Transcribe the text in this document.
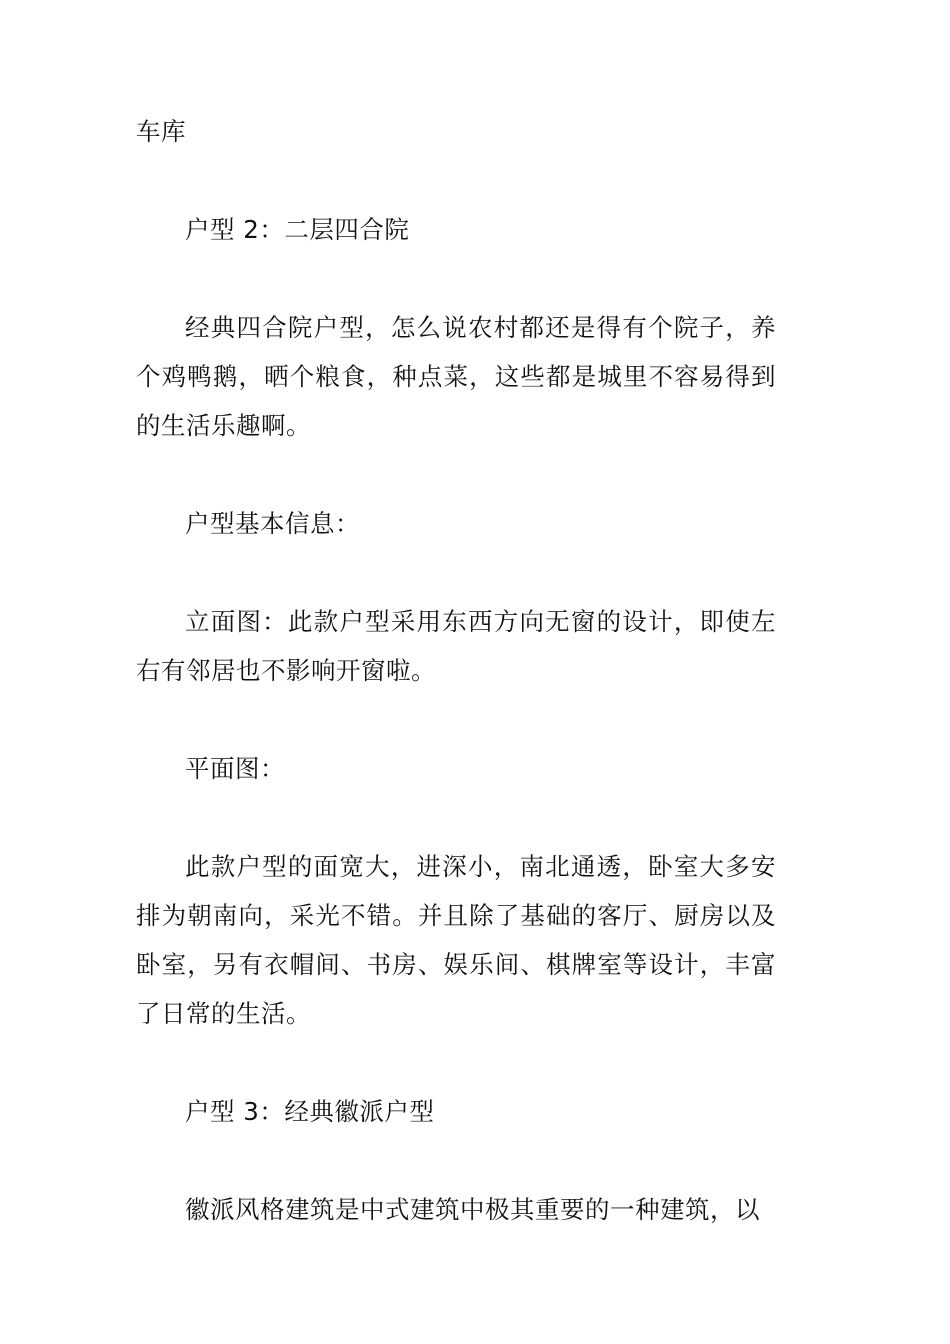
车库

户型 2：二层四合院

经典四合院户型，怎么说农村都还是得有个院子，养个鸡鸭鹅，晒个粮食，种点菜，这些都是城里不容易得到的生活乐趣啊。

户型基本信息：

立面图：此款户型采用东西方向无窗的设计，即使左右有邻居也不影响开窗啦。

平面图：

此款户型的面宽大，进深小，南北通透，卧室大多安排为朝南向，采光不错。并且除了基础的客厅、厨房以及卧室，另有衣帽间、书房、娱乐间、棋牌室等设计，丰富了日常的生活。

户型 3：经典徽派户型

徽派风格建筑是中式建筑中极其重要的一种建筑，以
